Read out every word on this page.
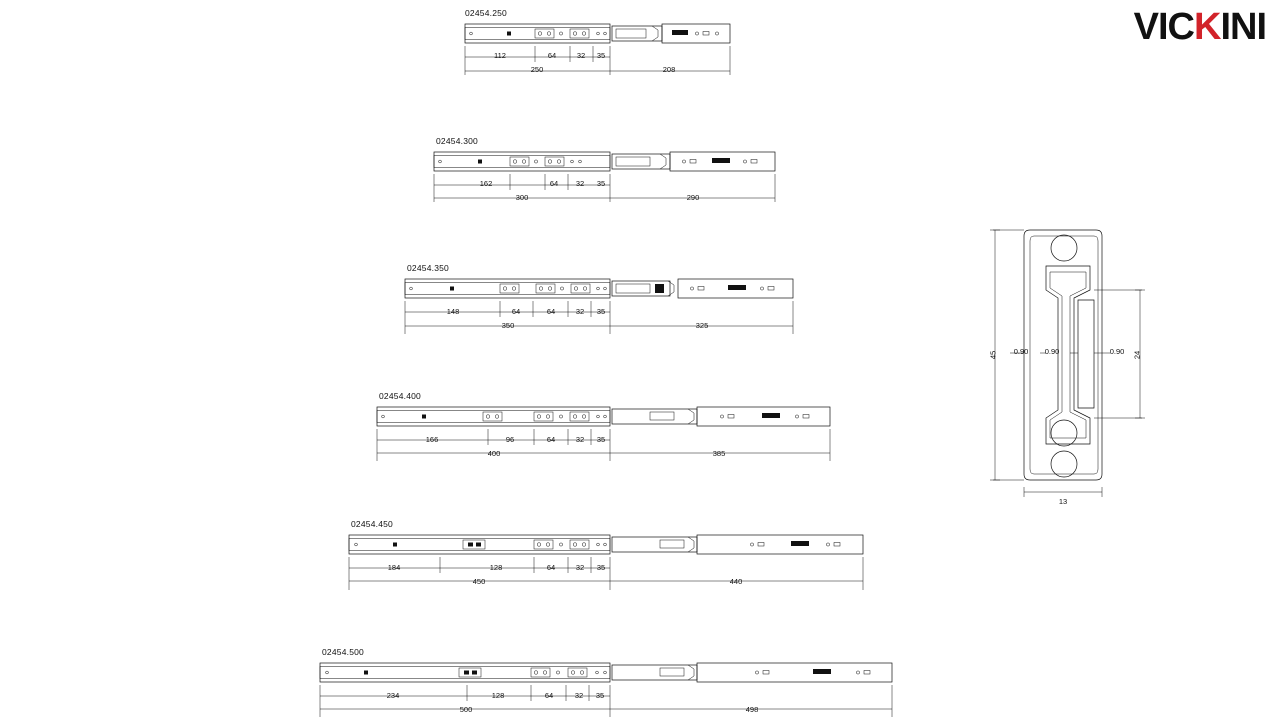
VICKINI
02454.250
112	64	32 35
250	208
02454.300
162	64 32 35
300	290
02454.350
148	64	64	32 35
350	325
02454.400
166	96	64	32 35
400	385
02454.450
184	128	64	32 35
450	440
02454.500
234	128	64	32 35
500	498
45	24
13
0.90 0.90	0.90
